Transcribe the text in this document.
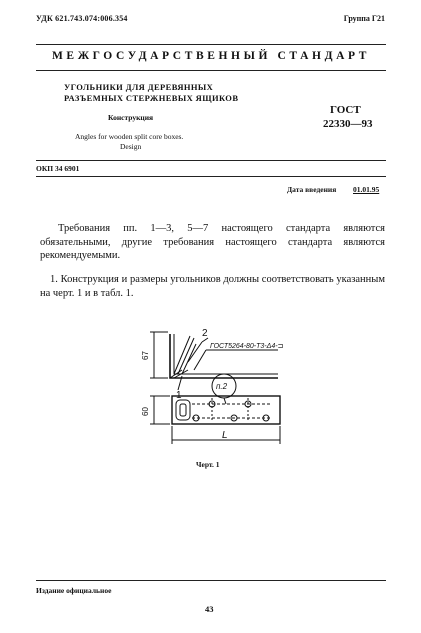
УДК 621.743.074:006.354	Группа Г21
МЕЖГОСУДАРСТВЕННЫЙ СТАНДАРТ
УГОЛЬНИКИ ДЛЯ ДЕРЕВЯННЫХ
РАЗЪЕМНЫХ СТЕРЖНЕВЫХ ЯЩИКОВ
Конструкция
Angles for wooden split core boxes.
Design
ГОСТ
22330—93
ОКП 34 6901
Дата введения 01.01.95
Требования пп. 1—3, 5—7 настоящего стандарта являются обязательными, другие требования настоящего стандарта являются рекомендуемыми.
1. Конструкция и размеры угольников должны соответствовать указанным на черт. 1 и в табл. 1.
2
1
ГОСТ5264-80-Т3-Δ4-⊐
67
60
L
п.2
Черт. 1
Издание официальное
43
